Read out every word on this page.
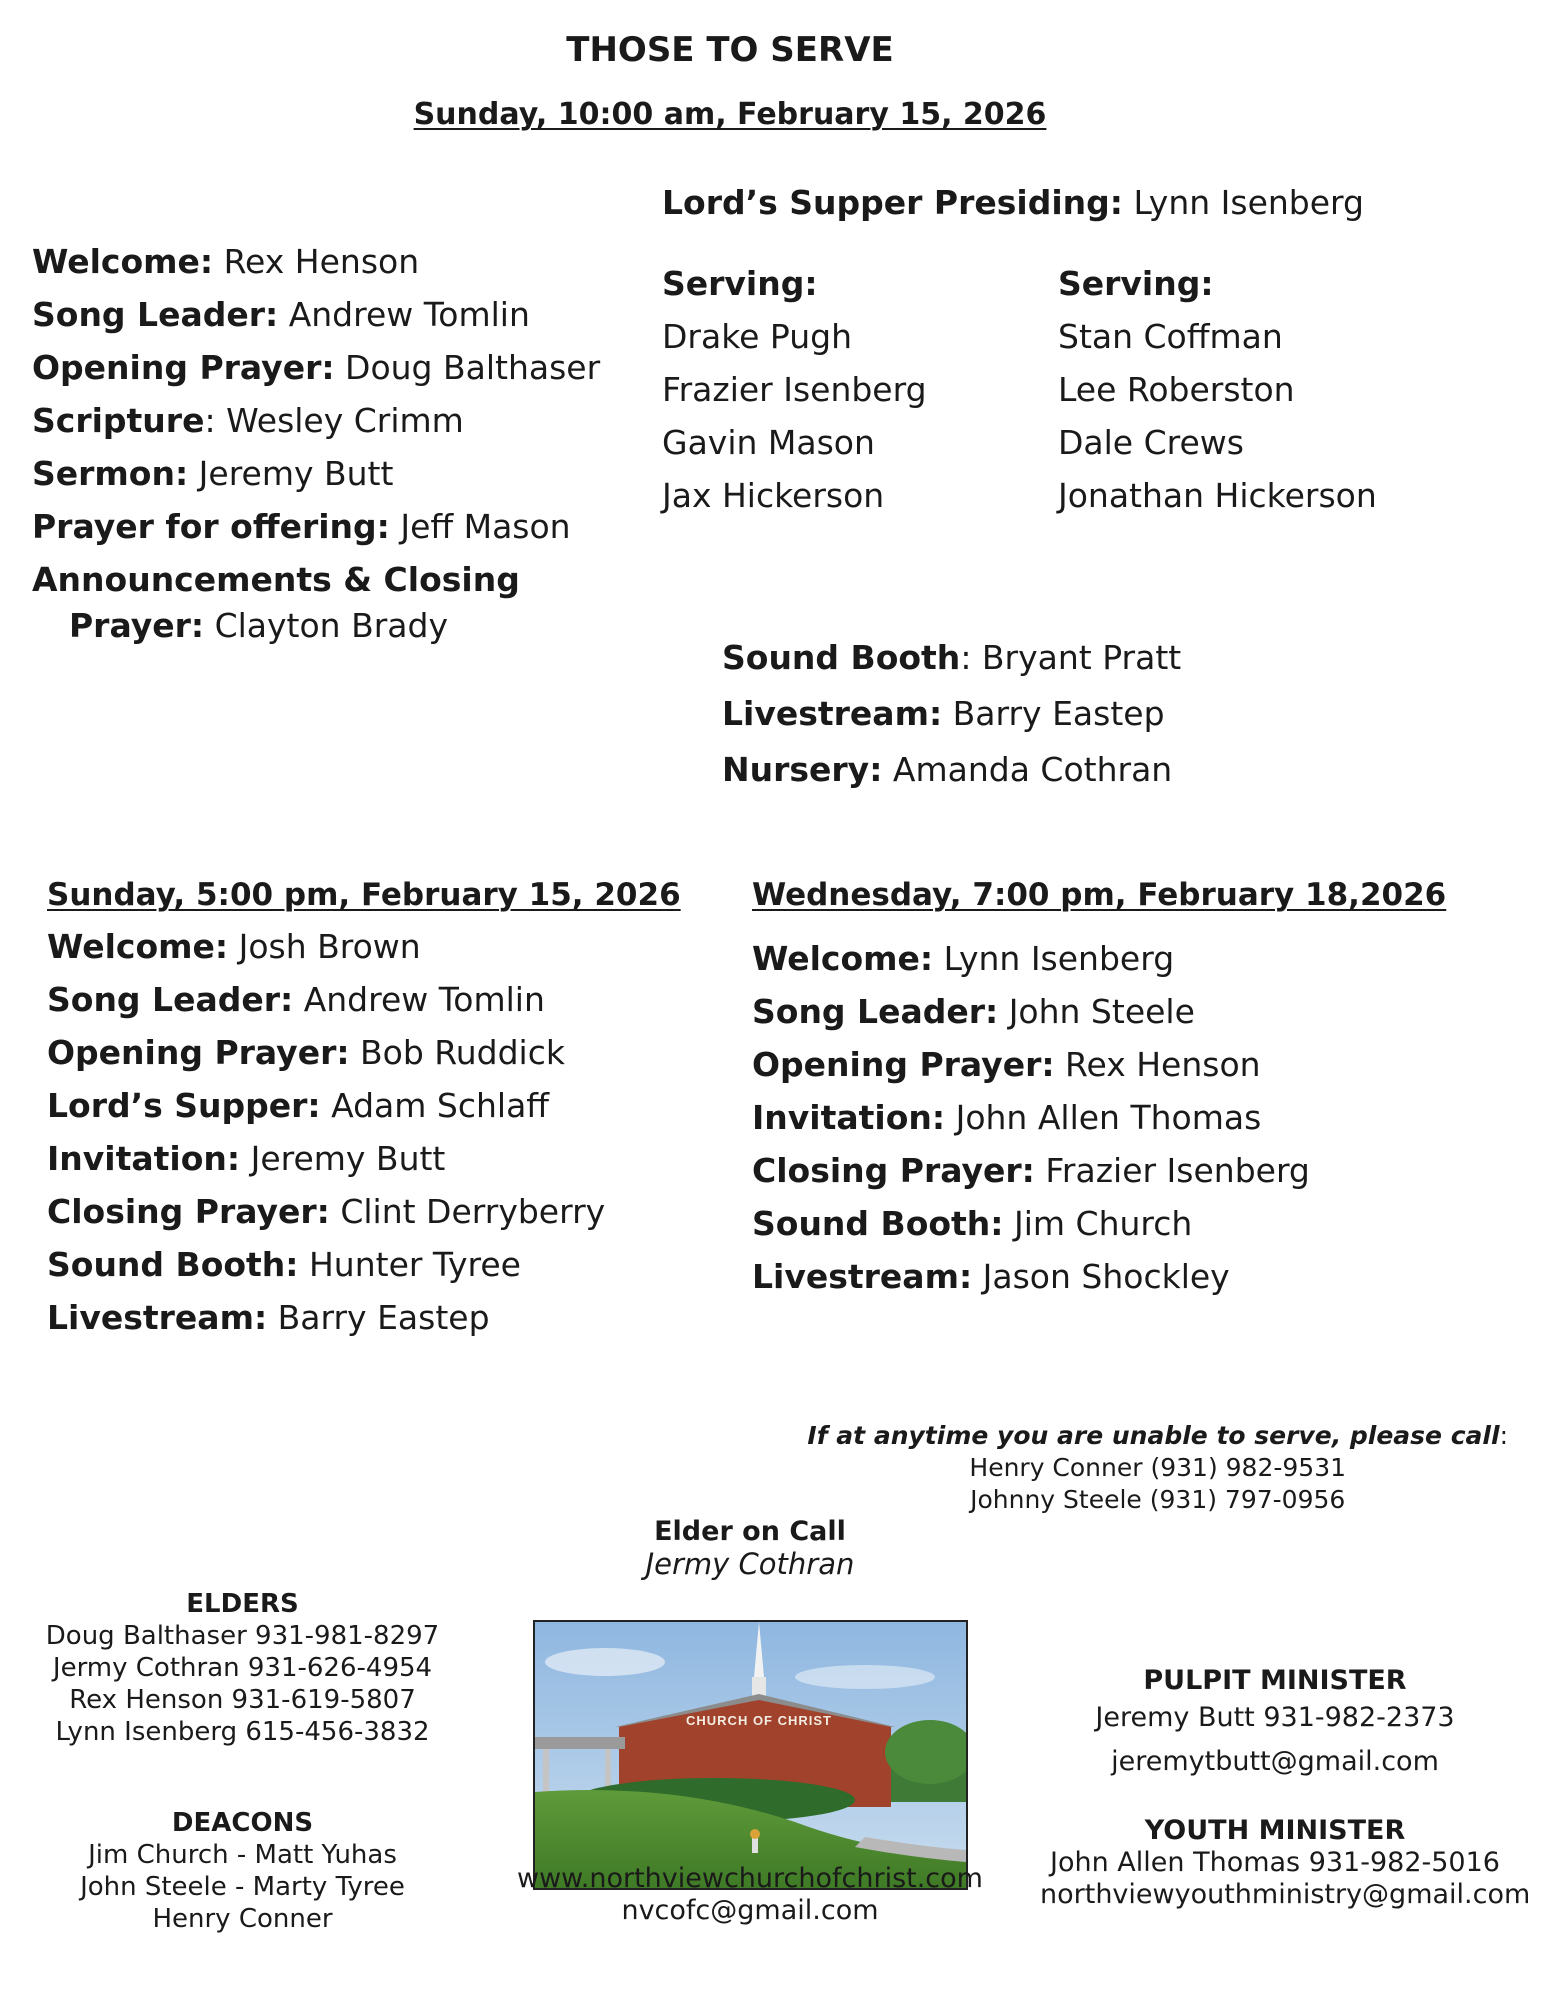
THOSE TO SERVE
Sunday, 10:00 am, February 15, 2026
Welcome: Rex Henson
Song Leader: Andrew Tomlin
Opening Prayer: Doug Balthaser
Scripture: Wesley Crimm
Sermon: Jeremy Butt
Prayer for offering: Jeff Mason
Announcements & Closing
Prayer: Clayton Brady
Lord’s Supper Presiding: Lynn Isenberg
Serving:
Drake Pugh
Frazier Isenberg
Gavin Mason
Jax Hickerson
Serving:
Stan Coffman
Lee Roberston
Dale Crews
Jonathan Hickerson
Sound Booth: Bryant Pratt
Livestream: Barry Eastep
Nursery: Amanda Cothran
Sunday, 5:00 pm, February 15, 2026
Welcome: Josh Brown
Song Leader: Andrew Tomlin
Opening Prayer: Bob Ruddick
Lord’s Supper: Adam Schlaff
Invitation: Jeremy Butt
Closing Prayer: Clint Derryberry
Sound Booth: Hunter Tyree
Livestream: Barry Eastep
Wednesday, 7:00 pm, February 18,2026
Welcome: Lynn Isenberg
Song Leader: John Steele
Opening Prayer: Rex Henson
Invitation: John Allen Thomas
Closing Prayer: Frazier Isenberg
Sound Booth: Jim Church
Livestream: Jason Shockley
If at anytime you are unable to serve, please call:
Henry Conner (931) 982-9531
Johnny Steele (931) 797-0956
Elder on Call
Jermy Cothran
ELDERS
Doug Balthaser 931-981-8297
Jermy Cothran 931-626-4954
Rex Henson 931-619-5807
Lynn Isenberg 615-456-3832
DEACONS
Jim Church - Matt Yuhas
John Steele - Marty Tyree
Henry Conner
CHURCH OF CHRIST
www.northviewchurchofchrist.com
nvcofc@gmail.com
PULPIT MINISTER
Jeremy Butt 931-982-2373
jeremytbutt@gmail.com
YOUTH MINISTER
John Allen Thomas 931-982-5016
northviewyouthministry@gmail.com
